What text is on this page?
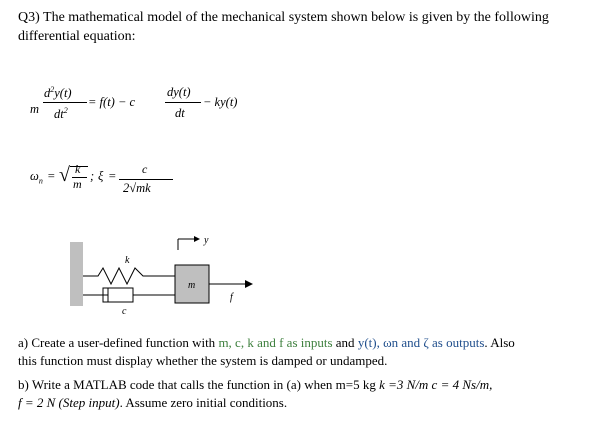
Q3) The mathematical model of the mechanical system shown below is given by the following
differential equation:
m
$d^2y(t)$
$dt^2$
= f(t) − c
dy(t)
dt
− ky(t)
$\omega_n$ = √ k
m
; ξ = c
2√mk
k
c
m
f
y
a) Create a user-defined function with m, c, k and f as inputs and y(t), ωn and ζ as outputs. Also
this function must display whether the system is damped or undamped.
b) Write a MATLAB code that calls the function in (a) when m=5 kg k =3 N/m c = 4 Ns/m,
f = 2 N (Step input). Assume zero initial conditions.
